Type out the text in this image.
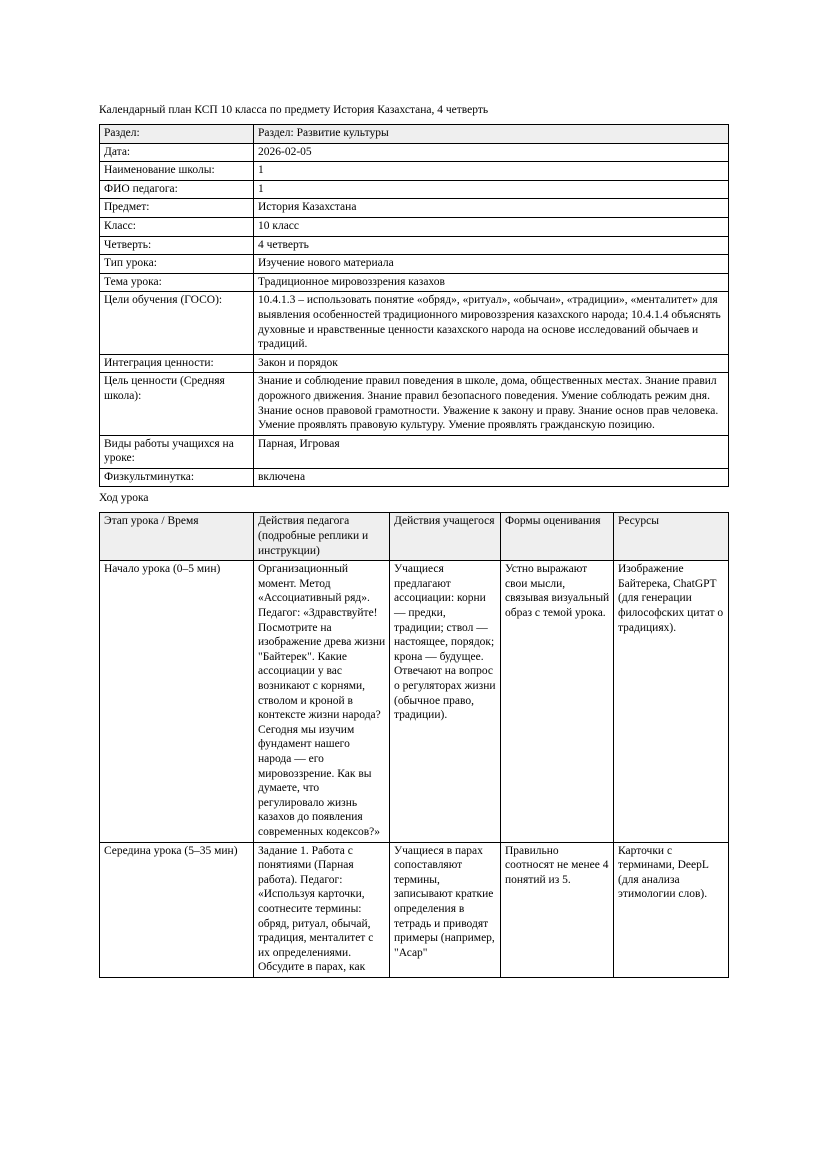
Календарный план КСП 10 класса по предмету История Казахстана, 4 четверть

Раздел:	Раздел: Развитие культуры
Дата:	2026-02-05
Наименование школы:	1
ФИО педагога:	1
Предмет:	История Казахстана
Класс:	10 класс
Четверть:	4 четверть
Тип урока:	Изучение нового материала
Тема урока:	Традиционное мировоззрения казахов
Цели обучения (ГОСО):	10.4.1.3 – использовать понятие «обряд», «ритуал», «обычаи», «традиции», «менталитет» для выявления особенностей традиционного мировоззрения казахского народа; 10.4.1.4 объяснять духовные и нравственные ценности казахского народа на основе исследований обычаев и традиций.
Интеграция ценности:	Закон и порядок
Цель ценности (Средняя школа):	Знание и соблюдение правил поведения в школе, дома, общественных местах. Знание правил дорожного движения. Знание правил безопасного поведения. Умение соблюдать режим дня. Знание основ правовой грамотности. Уважение к закону и праву. Знание основ прав человека. Умение проявлять правовую культуру. Умение проявлять гражданскую позицию.
Виды работы учащихся на уроке:	Парная, Игровая
Физкультминутка:	включена

Ход урока

Этап урока / Время	Действия педагога (подробные реплики и инструкции)	Действия учащегося	Формы оценивания	Ресурсы
Начало урока (0–5 мин)	Организационный момент. Метод «Ассоциативный ряд». Педагог: «Здравствуйте! Посмотрите на изображение древа жизни "Байтерек". Какие ассоциации у вас возникают с корнями, стволом и кроной в контексте жизни народа? Сегодня мы изучим фундамент нашего народа — его мировоззрение. Как вы думаете, что регулировало жизнь казахов до появления современных кодексов?»	Учащиеся предлагают ассоциации: корни — предки, традиции; ствол — настоящее, порядок; крона — будущее. Отвечают на вопрос о регуляторах жизни (обычное право, традиции).	Устно выражают свои мысли, связывая визуальный образ с темой урока.	Изображение Байтерека, ChatGPT (для генерации философских цитат о традициях).
Середина урока (5–35 мин)	Задание 1. Работа с понятиями (Парная работа). Педагог: «Используя карточки, соотнесите термины: обряд, ритуал, обычай, традиция, менталитет с их определениями. Обсудите в парах, как	Учащиеся в парах сопоставляют термины, записывают краткие определения в тетрадь и приводят примеры (например, "Асар"	Правильно соотносят не менее 4 понятий из 5.	Карточки с терминами, DeepL (для анализа этимологии слов).
